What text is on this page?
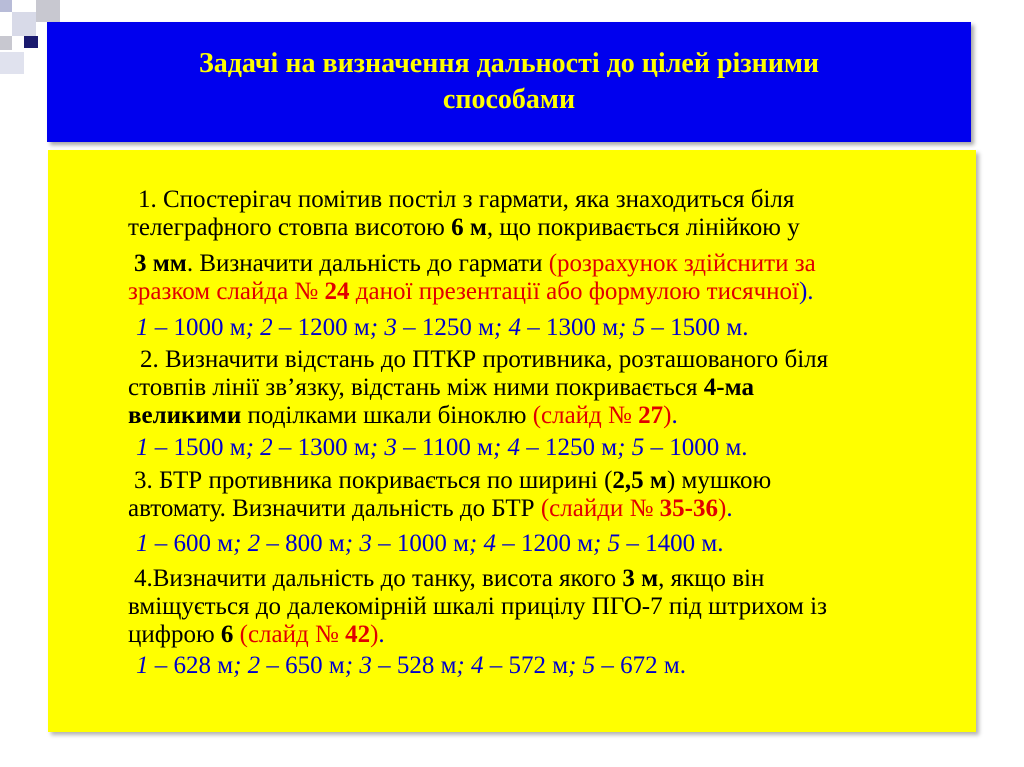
Задачі на визначення дальності до цілей різними
способами
1. Спостерігач помітив постіл з гармати, яка знаходиться біля
телеграфного стовпа висотою 6 м, що покривається лінійкою у
3 мм. Визначити дальність до гармати (розрахунок здійснити за
зразком слайда № 24 даної презентації або формулою тисячної).
1 – 1000 м; 2 – 1200 м; 3 – 1250 м; 4 – 1300 м; 5 – 1500 м.
2. Визначити відстань до ПТКР противника, розташованого біля
стовпів лінії зв’язку, відстань між ними покривається 4-ма
великими поділками шкали біноклю (слайд № 27).
1 – 1500 м; 2 – 1300 м; 3 – 1100 м; 4 – 1250 м; 5 – 1000 м.
3. БТР противника покривається по ширині (2,5 м) мушкою
автомату. Визначити дальність до БТР (слайди № 35-36).
1 – 600 м; 2 – 800 м; 3 – 1000 м; 4 – 1200 м; 5 – 1400 м.
4.Визначити дальність до танку, висота якого 3 м, якщо він
вміщується до далекомірній шкалі прицілу ПГО-7 під штрихом із
цифрою 6 (слайд № 42).
1 – 628 м; 2 – 650 м; 3 – 528 м; 4 – 572 м; 5 – 672 м.
